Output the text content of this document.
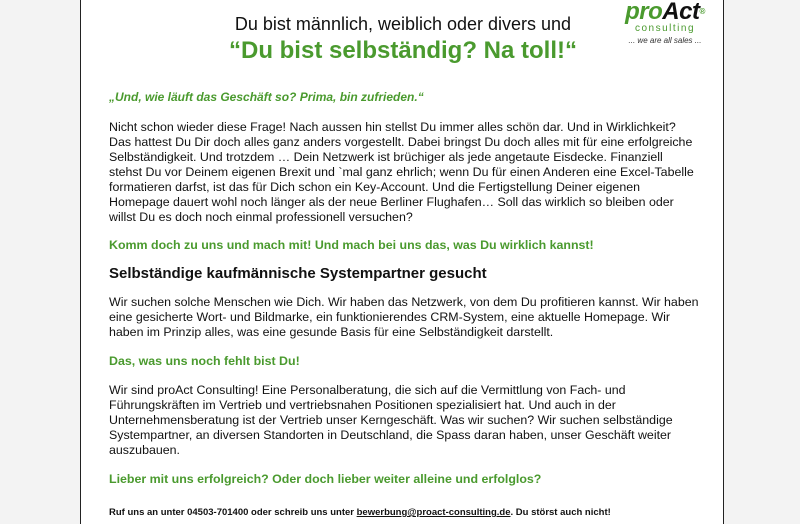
proAct®
consulting
... we are all sales ...
Du bist männlich, weiblich oder divers und
“Du bist selbständig? Na toll!“

„Und, wie läuft das Geschäft so? Prima, bin zufrieden.“

Nicht schon wieder diese Frage! Nach aussen hin stellst Du immer alles schön dar. Und in Wirklichkeit? Das hattest Du Dir doch alles ganz anders vorgestellt. Dabei bringst Du doch alles mit für eine erfolgreiche Selbständigkeit. Und trotzdem … Dein Netzwerk ist brüchiger als jede angetaute Eisdecke. Finanziell stehst Du vor Deinem eigenen Brexit und `mal ganz ehrlich; wenn Du für einen Anderen eine Excel-Tabelle formatieren darfst, ist das für Dich schon ein Key-Account. Und die Fertigstellung Deiner eigenen Homepage dauert wohl noch länger als der neue Berliner Flughafen… Soll das wirklich so bleiben oder willst Du es doch noch einmal professionell versuchen?

Komm doch zu uns und mach mit! Und mach bei uns das, was Du wirklich kannst!

Selbständige kaufmännische Systempartner gesucht

Wir suchen solche Menschen wie Dich. Wir haben das Netzwerk, von dem Du profitieren kannst. Wir haben eine gesicherte Wort- und Bildmarke, ein funktionierendes CRM-System, eine aktuelle Homepage. Wir haben im Prinzip alles, was eine gesunde Basis für eine Selbständigkeit darstellt.

Das, was uns noch fehlt bist Du!

Wir sind proAct Consulting! Eine Personalberatung, die sich auf die Vermittlung von Fach- und Führungskräften im Vertrieb und vertriebsnahen Positionen spezialisiert hat. Und auch in der Unternehmensberatung ist der Vertrieb unser Kerngeschäft. Was wir suchen? Wir suchen selbständige Systempartner, an diversen Standorten in Deutschland, die Spass daran haben, unser Geschäft weiter auszubauen.

Lieber mit uns erfolgreich? Oder doch lieber weiter alleine und erfolglos?

Ruf uns an unter 04503-701400 oder schreib uns unter bewerbung@proact-consulting.de. Du störst auch nicht!
